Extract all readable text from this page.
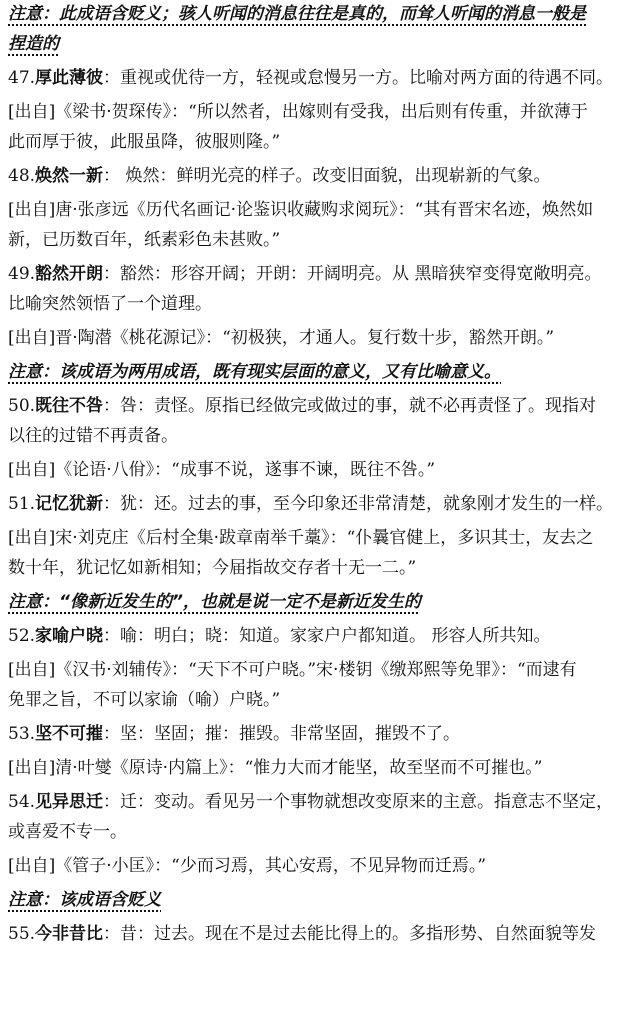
注意：此成语含贬义；骇人听闻的消息往往是真的，而耸人听闻的消息一般是
捏造的
47.厚此薄彼：重视或优待一方，轻视或怠慢另一方。比喻对两方面的待遇不同。
[出自]《梁书·贺琛传》：“所以然者，出嫁则有受我，出后则有传重，并欲薄于
此而厚于彼，此服虽降，彼服则隆。”
48.焕然一新： 焕然：鲜明光亮的样子。改变旧面貌，出现崭新的气象。
[出自]唐·张彦远《历代名画记·论鉴识收藏购求阅玩》：“其有晋宋名迹，焕然如
新，已历数百年，纸素彩色未甚败。”
49.豁然开朗：豁然：形容开阔；开朗：开阔明亮。从 黑暗狭窄变得宽敞明亮。
比喻突然领悟了一个道理。
[出自]晋·陶潜《桃花源记》：“初极狭，才通人。复行数十步，豁然开朗。”
注意：该成语为两用成语，既有现实层面的意义，又有比喻意义。
50.既往不咎：咎：责怪。原指已经做完或做过的事，就不必再责怪了。现指对
以往的过错不再责备。
[出自]《论语·八佾》：“成事不说，遂事不谏，既往不咎。”
51.记忆犹新：犹：还。过去的事，至今印象还非常清楚，就象刚才发生的一样。
[出自]宋·刘克庄《后村全集·跋章南举千藁》：“仆曩官健上，多识其士，友去之
数十年，犹记忆如新相知；今届指故交存者十无一二。”
注意：“像新近发生的”，也就是说一定不是新近发生的
52.家喻户晓：喻：明白；晓：知道。家家户户都知道。 形容人所共知。
[出自]《汉书·刘辅传》：“天下不可户晓。”宋·楼钥《缴郑熙等免罪》：“而逮有
免罪之旨，不可以家谕（喻）户晓。”
53.坚不可摧：坚：坚固；摧：摧毁。非常坚固，摧毁不了。
[出自]清·叶燮《原诗·内篇上》：“惟力大而才能坚，故至坚而不可摧也。”
54.见异思迁：迁：变动。看见另一个事物就想改变原来的主意。指意志不坚定，
或喜爱不专一。
[出自]《管子·小匡》：“少而习焉，其心安焉，不见异物而迁焉。”
注意：该成语含贬义
55.今非昔比：昔：过去。现在不是过去能比得上的。多指形势、自然面貌等发
